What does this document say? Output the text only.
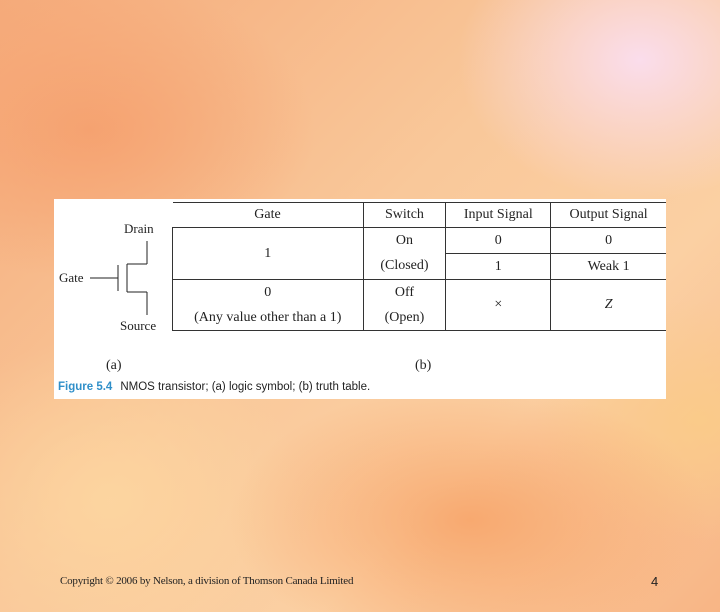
Drain
Gate
Source
Gate	Switch	Input Signal	Output Signal
1	On	0	0
	(Closed)	1	Weak 1
0	Off	×	Z
(Any value other than a 1)	(Open)		
(a)	(b)
Figure 5.4 NMOS transistor; (a) logic symbol; (b) truth table.
Copyright © 2006 by Nelson, a division of Thomson Canada Limited	4
